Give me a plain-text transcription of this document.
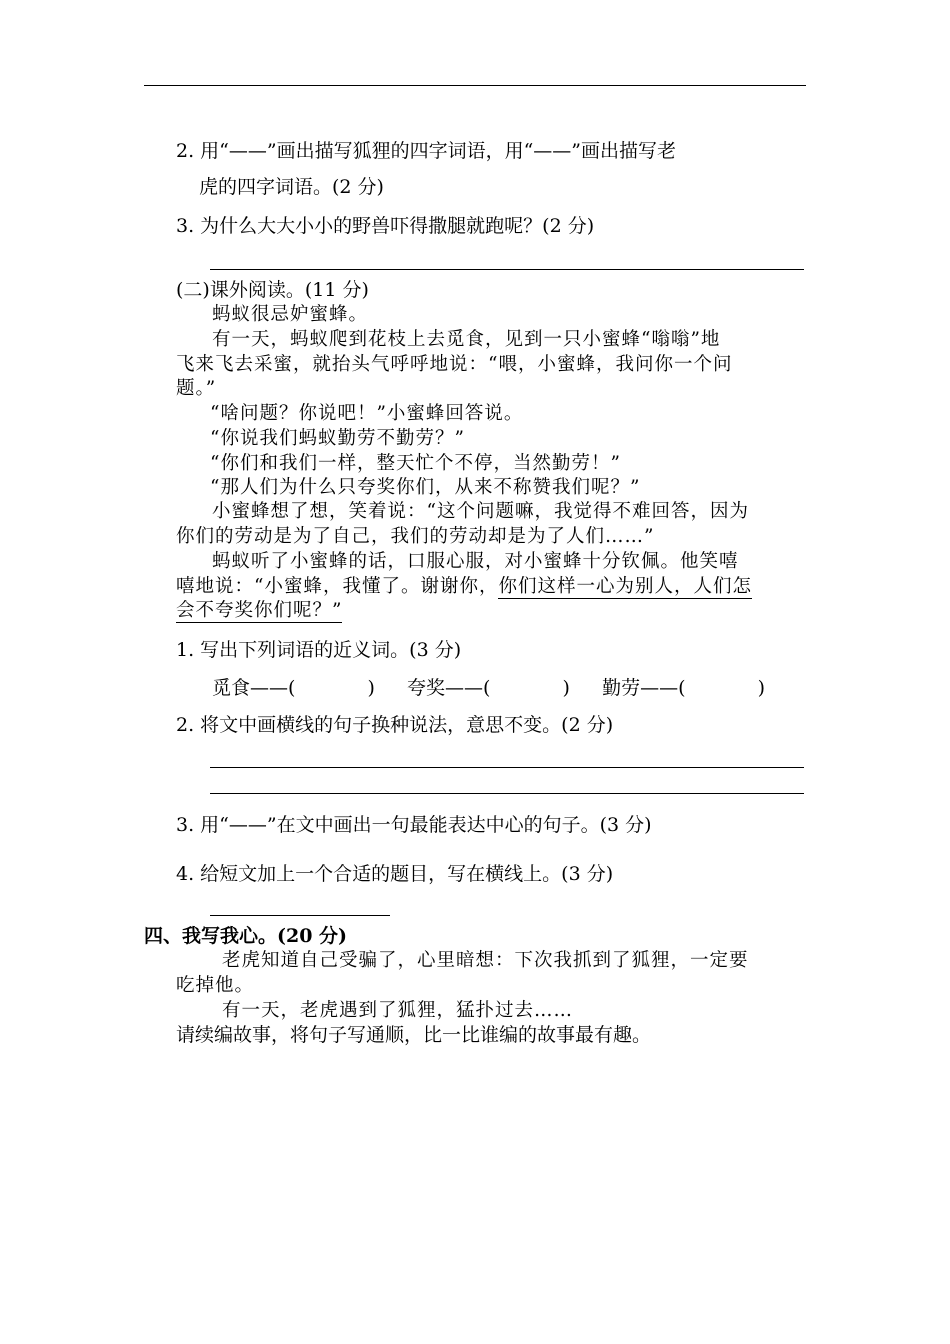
2. 用“——”画出描写狐狸的四字词语，用“——”画出描写老
虎的四字词语。(2 分)
3. 为什么大大小小的野兽吓得撒腿就跑呢？(2 分)
(二)课外阅读。(11 分)
蚂蚁很忌妒蜜蜂。
有一天，蚂蚁爬到花枝上去觅食，见到一只小蜜蜂“嗡嗡”地
飞来飞去采蜜，就抬头气呼呼地说：“喂，小蜜蜂，我问你一个问
题。”
“啥问题？你说吧！”小蜜蜂回答说。
“你说我们蚂蚁勤劳不勤劳？”
“你们和我们一样，整天忙个不停，当然勤劳！”
“那人们为什么只夸奖你们，从来不称赞我们呢？”
小蜜蜂想了想，笑着说：“这个问题嘛，我觉得不难回答，因为
你们的劳动是为了自己，我们的劳动却是为了人们……”
蚂蚁听了小蜜蜂的话，口服心服，对小蜜蜂十分钦佩。他笑嘻
嘻地说：“小蜜蜂，我懂了。谢谢你，你们这样一心为别人，人们怎
会不夸奖你们呢？”
1. 写出下列词语的近义词。(3 分)
觅食——(	) 夸奖——(	) 勤劳——(	)
2. 将文中画横线的句子换种说法，意思不变。(2 分)
3. 用“——”在文中画出一句最能表达中心的句子。(3 分)
4. 给短文加上一个合适的题目，写在横线上。(3 分)
四、我写我心。(20 分)
老虎知道自己受骗了，心里暗想：下次我抓到了狐狸，一定要
吃掉他。
有一天，老虎遇到了狐狸，猛扑过去……
请续编故事，将句子写通顺，比一比谁编的故事最有趣。
